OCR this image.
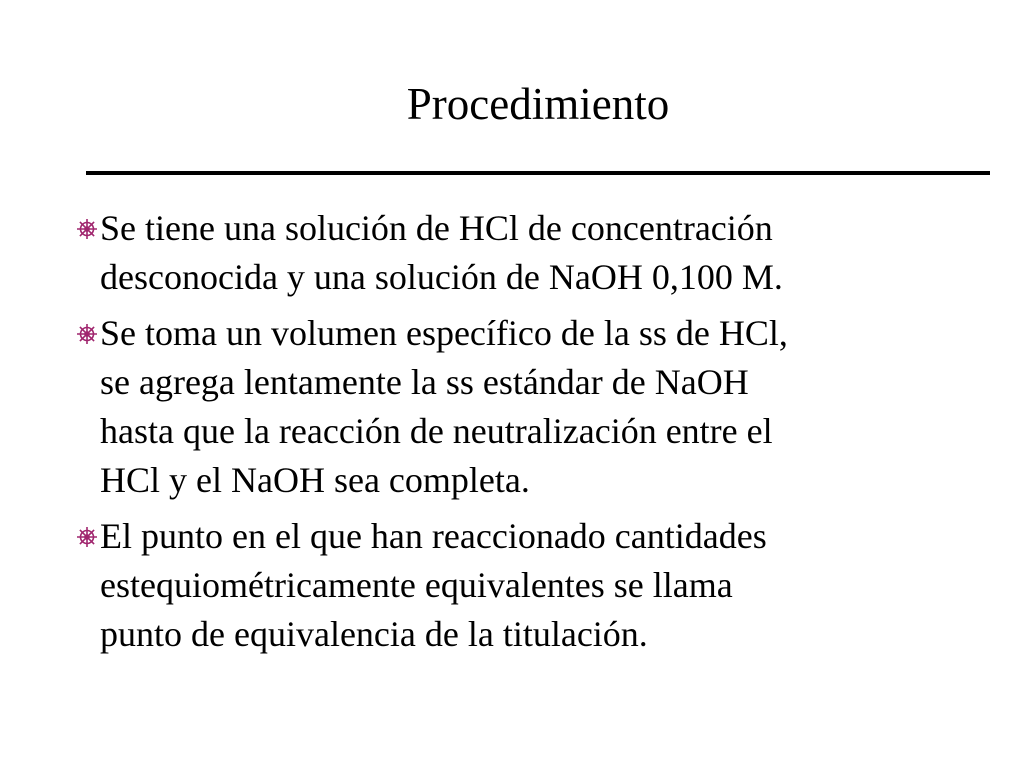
Procedimiento
Se tiene una solución de HCl de concentración
desconocida y una solución de NaOH 0,100 M.
Se toma un volumen específico de la ss de HCl,
se agrega lentamente la ss estándar de NaOH
hasta que la reacción de neutralización entre el
HCl y el NaOH sea completa.
El punto en el que han reaccionado cantidades
estequiométricamente equivalentes se llama
punto de equivalencia de la titulación.
